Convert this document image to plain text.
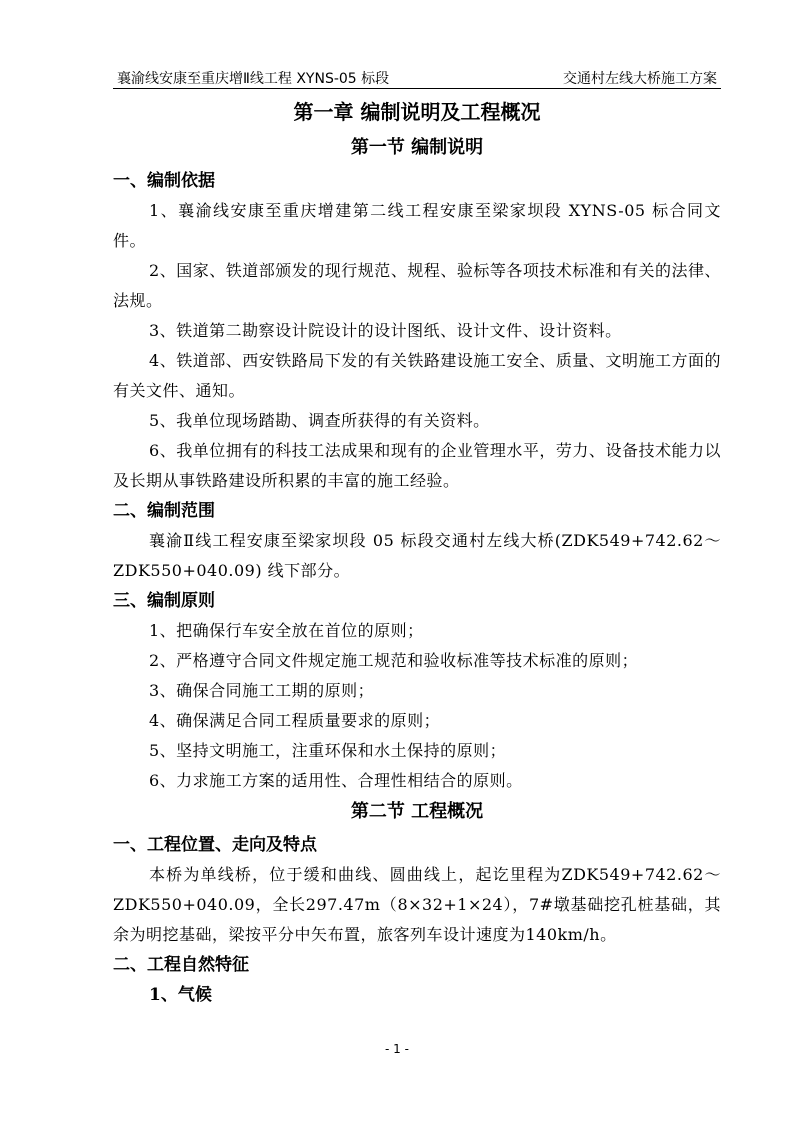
襄渝线安康至重庆增Ⅱ线工程 XYNS-05 标段	交通村左线大桥施工方案
第一章 编制说明及工程概况
第一节 编制说明
一、编制依据

1、襄渝线安康至重庆增建第二线工程安康至梁家坝段 XYNS-05 标合同文件。

2、国家、铁道部颁发的现行规范、规程、验标等各项技术标准和有关的法律、法规。

3、铁道第二勘察设计院设计的设计图纸、设计文件、设计资料。

4、铁道部、西安铁路局下发的有关铁路建设施工安全、质量、文明施工方面的有关文件、通知。

5、我单位现场踏勘、调查所获得的有关资料。

6、我单位拥有的科技工法成果和现有的企业管理水平，劳力、设备技术能力以及长期从事铁路建设所积累的丰富的施工经验。

二、编制范围

襄渝Ⅱ线工程安康至梁家坝段 05 标段交通村左线大桥(ZDK549+742.62～ZDK550+040.09) 线下部分。

三、编制原则

1、把确保行车安全放在首位的原则；

2、严格遵守合同文件规定施工规范和验收标准等技术标准的原则；

3、确保合同施工工期的原则；

4、确保满足合同工程质量要求的原则；

5、坚持文明施工，注重环保和水土保持的原则；

6、力求施工方案的适用性、合理性相结合的原则。

第二节 工程概况
一、工程位置、走向及特点

本桥为单线桥，位于缓和曲线、圆曲线上，起讫里程为ZDK549+742.62～ZDK550+040.09，全长297.47m（8×32+1×24），7#墩基础挖孔桩基础，其余为明挖基础，梁按平分中矢布置，旅客列车设计速度为140km/h。

二、工程自然特征
1、气候
- 1 -
